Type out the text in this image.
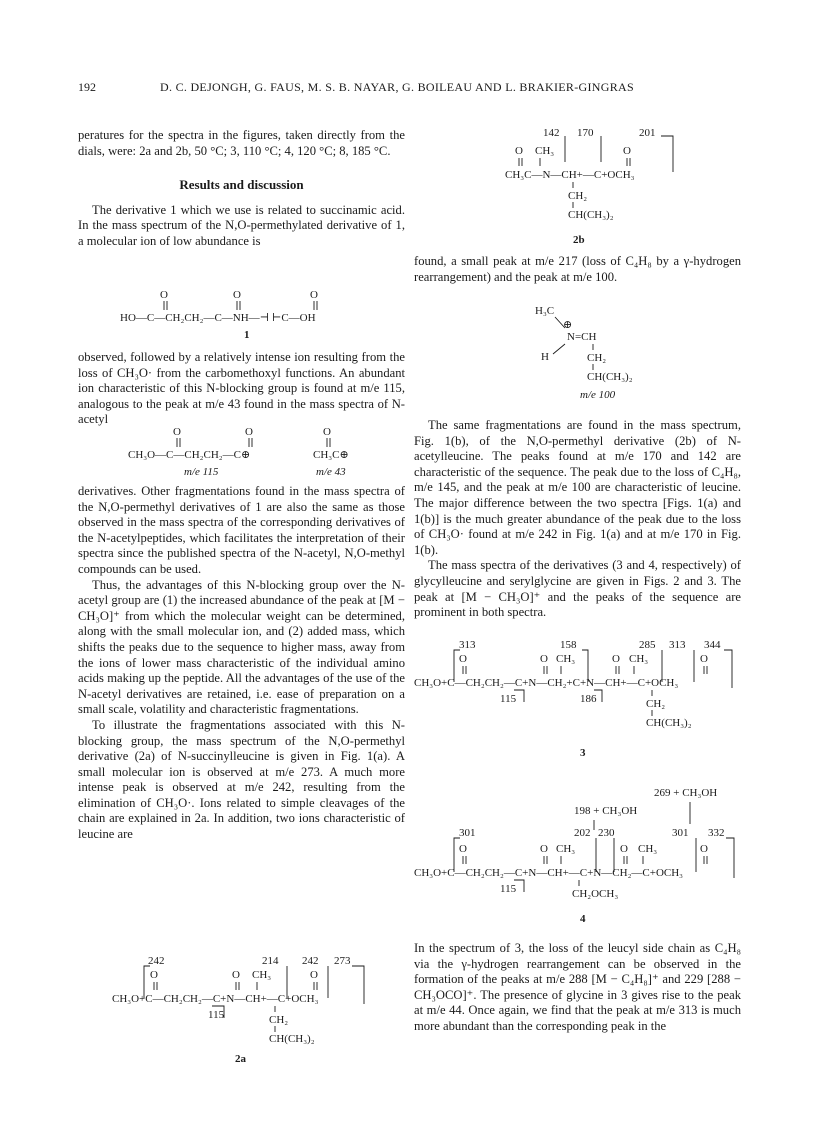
192	D. C. DEJONGH, G. FAUS, M. S. B. NAYAR, G. BOILEAU AND L. BRAKIER-GINGRAS

peratures for the spectra in the figures, taken directly from the dials, were: 2a and 2b, 50 °C; 3, 110 °C; 4, 120 °C; 8, 185 °C.

Results and discussion

The derivative 1 which we use is related to succinamic acid. In the mass spectrum of the N,O-permethylated derivative of 1, a molecular ion of low abundance is

O	O	O
HO—C—CH₂CH₂—C—NH—⊣ ⊢C—OH
1

observed, followed by a relatively intense ion resulting from the loss of CH₃O· from the carbomethoxyl functions. An abundant ion characteristic of this N-blocking group is found at m/e 115, analogous to the peak at m/e 43 found in the mass spectra of N-acetyl

O	O
CH₃O—C—CH₂CH₂—C⊕
m/e 115
O
CH₃C⊕
m/e 43

derivatives. Other fragmentations found in the mass spectra of the N,O-permethyl derivatives of 1 are also the same as those observed in the mass spectra of the corresponding derivatives of the N-acetylpeptides, which facilitates the interpretation of their spectra since the published spectra of the N-acetyl, N,O-methyl compounds can be used.

Thus, the advantages of this N-blocking group over the N-acetyl group are (1) the increased abundance of the peak at [M − CH₃O]⁺ from which the molecular weight can be determined, along with the small molecular ion, and (2) added mass, which shifts the peaks due to the sequence to higher mass, away from the ions of lower mass characteristic of the individual amino acids making up the peptide. All the advantages of the use of the N-acetyl derivatives are retained, i.e. ease of preparation on a small scale, volatility and characteristic fragmentations.

To illustrate the fragmentations associated with this N-blocking group, the mass spectrum of the N,O-permethyl derivative (2a) of N-succinylleucine is given in Fig. 1(a). A small molecular ion is observed at m/e 273. A much more intense peak is observed at m/e 242, resulting from the elimination of CH₃O·. Ions related to simple cleavages of the chain are explained in 2a. In addition, two ions characteristic of leucine are

242	214 242 273
O	O CH₃	O
CH₃O+C—CH₂CH₂—C+N—CH+—C+OCH₃
115	CH₂
CH(CH₃)₂
2a
142 170	201
O CH₃	O
CH₃C—N—CH+—C+OCH₃
CH₂
CH(CH₃)₂
2b

found, a small peak at m/e 217 (loss of C₄H₈ by a γ-hydrogen rearrangement) and the peak at m/e 100.

H₃C
⊕
N=CH
H	CH₂
CH(CH₃)₂
m/e 100

The same fragmentations are found in the mass spectrum, Fig. 1(b), of the N,O-permethyl derivative (2b) of N-acetylleucine. The peaks found at m/e 170 and 142 are characteristic of the sequence. The peak due to the loss of C₄H₈, m/e 145, and the peak at m/e 100 are characteristic of leucine. The major difference between the two spectra [Figs. 1(a) and 1(b)] is the much greater abundance of the peak due to the loss of CH₃O· found at m/e 242 in Fig. 1(a) and at m/e 170 in Fig. 1(b).

The mass spectra of the derivatives (3 and 4, respectively) of glycylleucine and serylglycine are given in Figs. 2 and 3. The peak at [M − CH₃O]⁺ and the peaks of the sequence are prominent in both spectra.

313	158	285 313 344
O	O CH₃	O CH₃	O
CH₃O+C—CH₂CH₂—C+N—CH₂+C+N—CH+—C+OCH₃
115	186	CH₂
CH(CH₃)₂
3
269 + CH₃OH
198 + CH₃OH
301	202 230	301 332
O	O CH₃	O CH₃	O
CH₃O+C—CH₂CH₂—C+N—CH+—C+N—CH₂—C+OCH₃
115	CH₂OCH₃
4

In the spectrum of 3, the loss of the leucyl side chain as C₄H₈ via the γ-hydrogen rearrangement can be observed in the formation of the peaks at m/e 288 [M − C₄H₈]⁺ and 229 [288 − CH₃OCO]⁺. The presence of glycine in 3 gives rise to the peak at m/e 44. Once again, we find that the peak at m/e 313 is much more abundant than the corresponding peak in the
